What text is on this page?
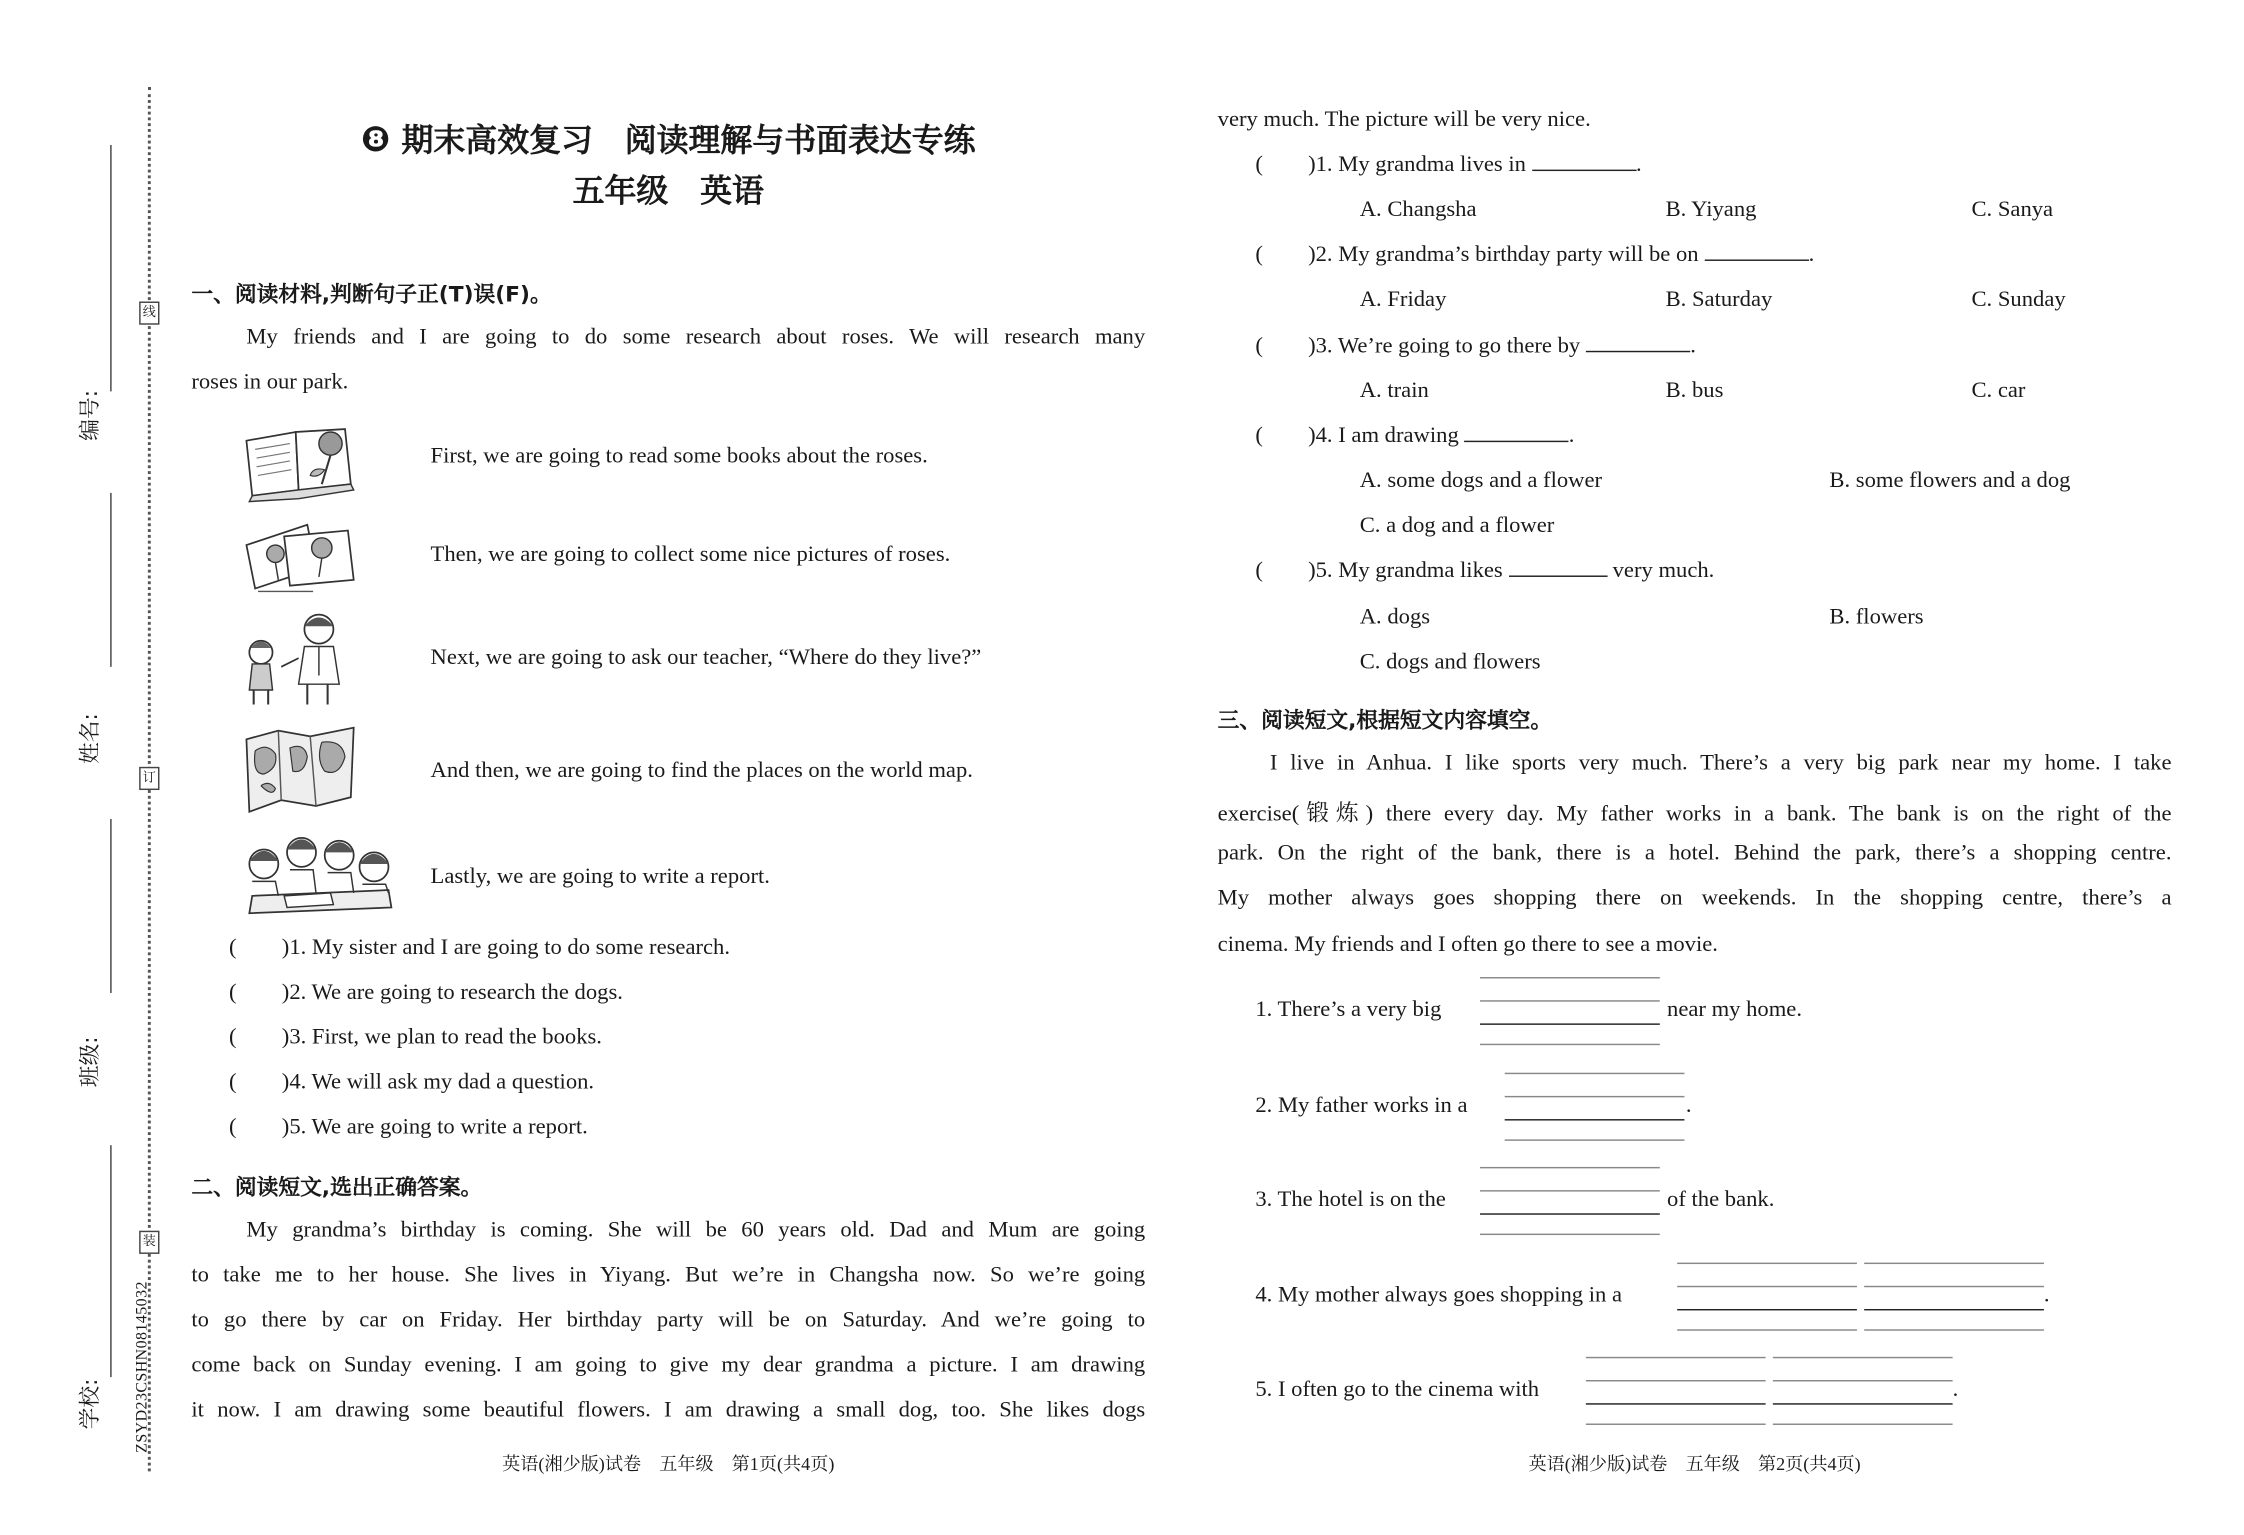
编号:
姓名:
班级:
学校:
线
订
装
ZSYD23CSHN08145032
❽ 期末高效复习　阅读理解与书面表达专练
五年级　英语
一、阅读材料,判断句子正(T)误(F)。
My friends and I are going to do some research about roses. We will research many
roses in our park.
First, we are going to read some books about the roses.
Then, we are going to collect some nice pictures of roses.
Next, we are going to ask our teacher, “Where do they live?”
And then, we are going to find the places on the world map.
Lastly, we are going to write a report.
(        )1. My sister and I are going to do some research.
(        )2. We are going to research the dogs.
(        )3. First, we plan to read the books.
(        )4. We will ask my dad a question.
(        )5. We are going to write a report.
二、阅读短文,选出正确答案。
My grandma’s birthday is coming. She will be 60 years old. Dad and Mum are going
to take me to her house. She lives in Yiyang. But we’re in Changsha now. So we’re going
to go there by car on Friday. Her birthday party will be on Saturday. And we’re going to
come back on Sunday evening. I am going to give my dear grandma a picture. I am drawing
it now. I am drawing some beautiful flowers. I am drawing a small dog, too. She likes dogs
英语(湘少版)试卷　五年级　第1页(共4页)
very much. The picture will be very nice.
(        )1. My grandma lives in	.
A. Changsha	B. Yiyang	C. Sanya
(        )2. My grandma’s birthday party will be on	.
A. Friday	B. Saturday	C. Sunday
(        )3. We’re going to go there by	.
A. train	B. bus	C. car
(        )4. I am drawing	.
A. some dogs and a flower	B. some flowers and a dog
C. a dog and a flower
(        )5. My grandma likes	very much.
A. dogs	B. flowers
C. dogs and flowers
三、阅读短文,根据短文内容填空。
I live in Anhua. I like sports very much. There’s a very big park near my home. I take
exercise(锻炼) there every day. My father works in a bank. The bank is on the right of the
park. On the right of the bank, there is a hotel. Behind the park, there’s a shopping centre.
My mother always goes shopping there on weekends. In the shopping centre, there’s a
cinema. My friends and I often go there to see a movie.
1. There’s a very big	near my home.
2. My father works in a	.
3. The hotel is on the	of the bank.
4. My mother always goes shopping in a	.
5. I often go to the cinema with	.
英语(湘少版)试卷　五年级　第2页(共4页)
